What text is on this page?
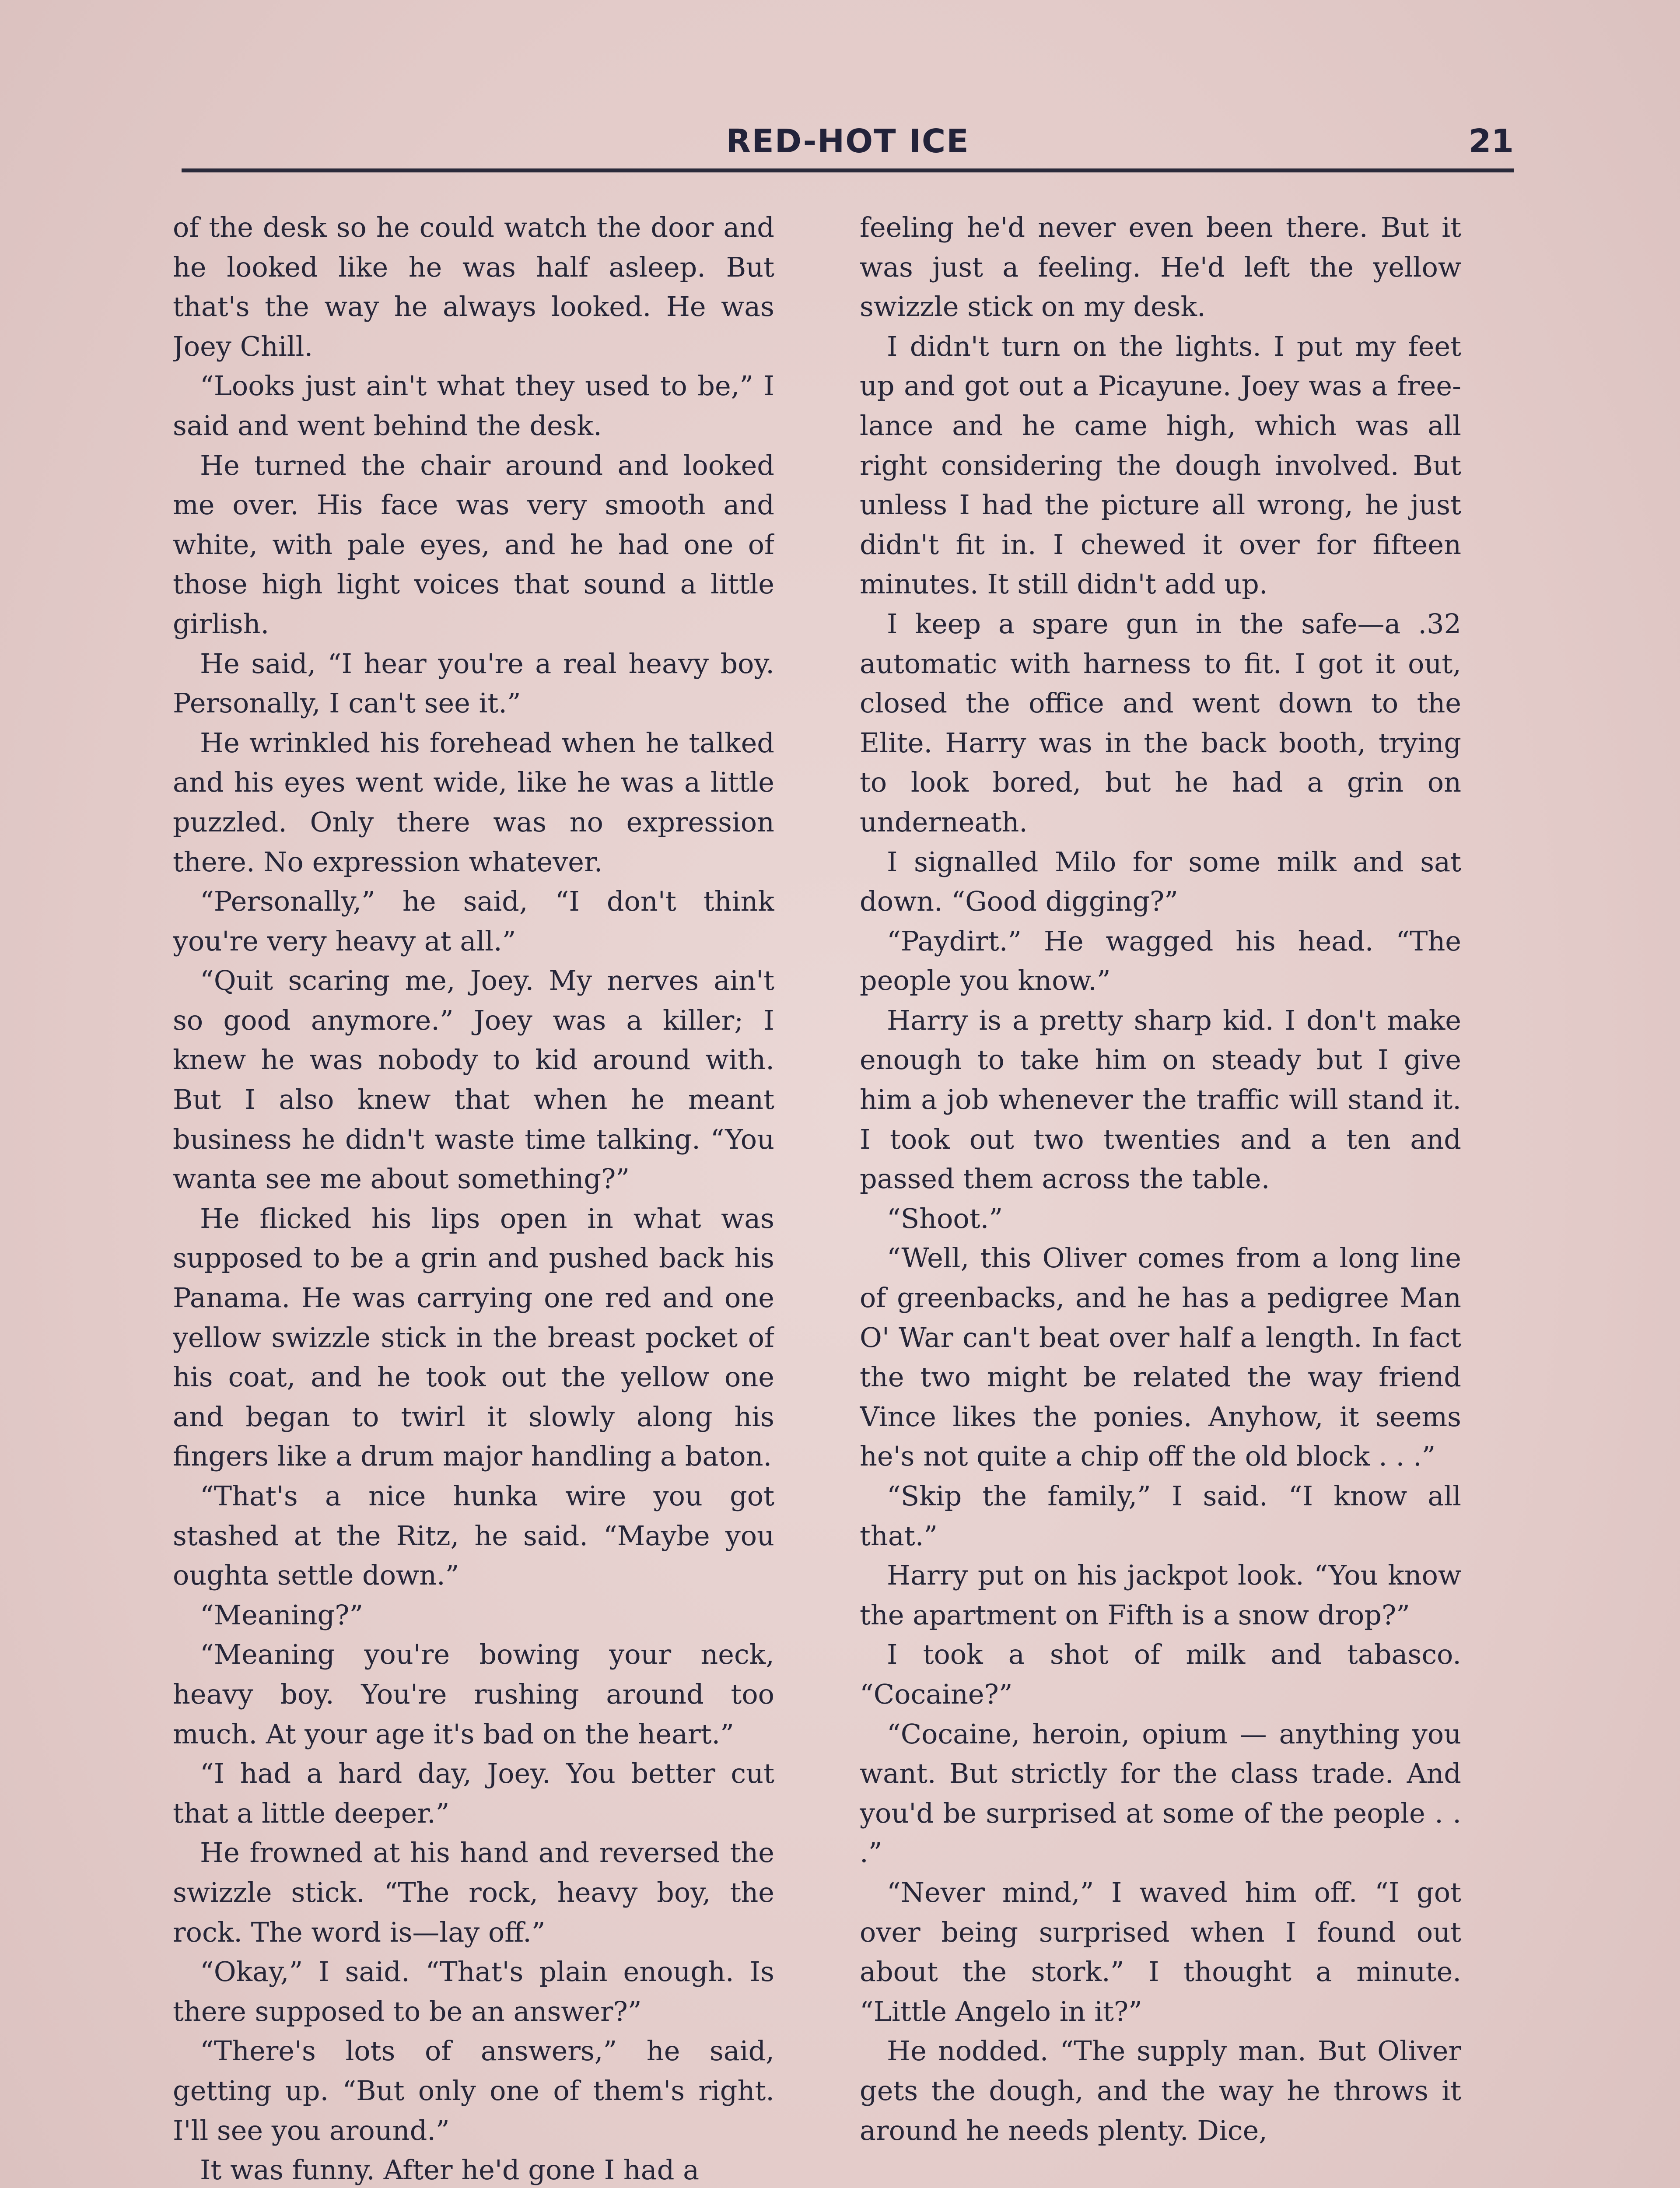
RED-HOT ICE	21

of the desk so he could watch the door and he looked like he was half asleep. But that's the way he always looked. He was Joey Chill.

“Looks just ain't what they used to be,” I said and went behind the desk.

He turned the chair around and looked me over. His face was very smooth and white, with pale eyes, and he had one of those high light voices that sound a little girlish.

He said, “I hear you're a real heavy boy. Personally, I can't see it.”

He wrinkled his forehead when he talked and his eyes went wide, like he was a little puzzled. Only there was no expression there. No expression whatever.

“Personally,” he said, “I don't think you're very heavy at all.”

“Quit scaring me, Joey. My nerves ain't so good anymore.” Joey was a killer; I knew he was nobody to kid around with. But I also knew that when he meant business he didn't waste time talking. “You wanta see me about something?”

He flicked his lips open in what was supposed to be a grin and pushed back his Panama. He was carrying one red and one yellow swizzle stick in the breast pocket of his coat, and he took out the yellow one and began to twirl it slowly along his fingers like a drum major handling a baton.

“That's a nice hunka wire you got stashed at the Ritz, he said. “Maybe you oughta settle down.”

“Meaning?”

“Meaning you're bowing your neck, heavy boy. You're rushing around too much. At your age it's bad on the heart.”

“I had a hard day, Joey. You better cut that a little deeper.”

He frowned at his hand and reversed the swizzle stick. “The rock, heavy boy, the rock. The word is—lay off.”

“Okay,” I said. “That's plain enough. Is there supposed to be an answer?”

“There's lots of answers,” he said, getting up. “But only one of them's right. I'll see you around.”

It was funny. After he'd gone I had a

feeling he'd never even been there. But it was just a feeling. He'd left the yellow swizzle stick on my desk.

I didn't turn on the lights. I put my feet up and got out a Picayune. Joey was a free-lance and he came high, which was all right considering the dough involved. But unless I had the picture all wrong, he just didn't fit in. I chewed it over for fifteen minutes. It still didn't add up.

I keep a spare gun in the safe—a .32 automatic with harness to fit. I got it out, closed the office and went down to the Elite. Harry was in the back booth, trying to look bored, but he had a grin on underneath.

I signalled Milo for some milk and sat down. “Good digging?”

“Paydirt.” He wagged his head. “The people you know.”

Harry is a pretty sharp kid. I don't make enough to take him on steady but I give him a job whenever the traffic will stand it. I took out two twenties and a ten and passed them across the table.

“Shoot.”

“Well, this Oliver comes from a long line of greenbacks, and he has a pedigree Man O' War can't beat over half a length. In fact the two might be related the way friend Vince likes the ponies. Anyhow, it seems he's not quite a chip off the old block . . .”

“Skip the family,” I said. “I know all that.”

Harry put on his jackpot look. “You know the apartment on Fifth is a snow drop?”

I took a shot of milk and tabasco. “Cocaine?”

“Cocaine, heroin, opium — anything you want. But strictly for the class trade. And you'd be surprised at some of the people . . .”

“Never mind,” I waved him off. “I got over being surprised when I found out about the stork.” I thought a minute. “Little Angelo in it?”

He nodded. “The supply man. But Oliver gets the dough, and the way he throws it around he needs plenty. Dice,
